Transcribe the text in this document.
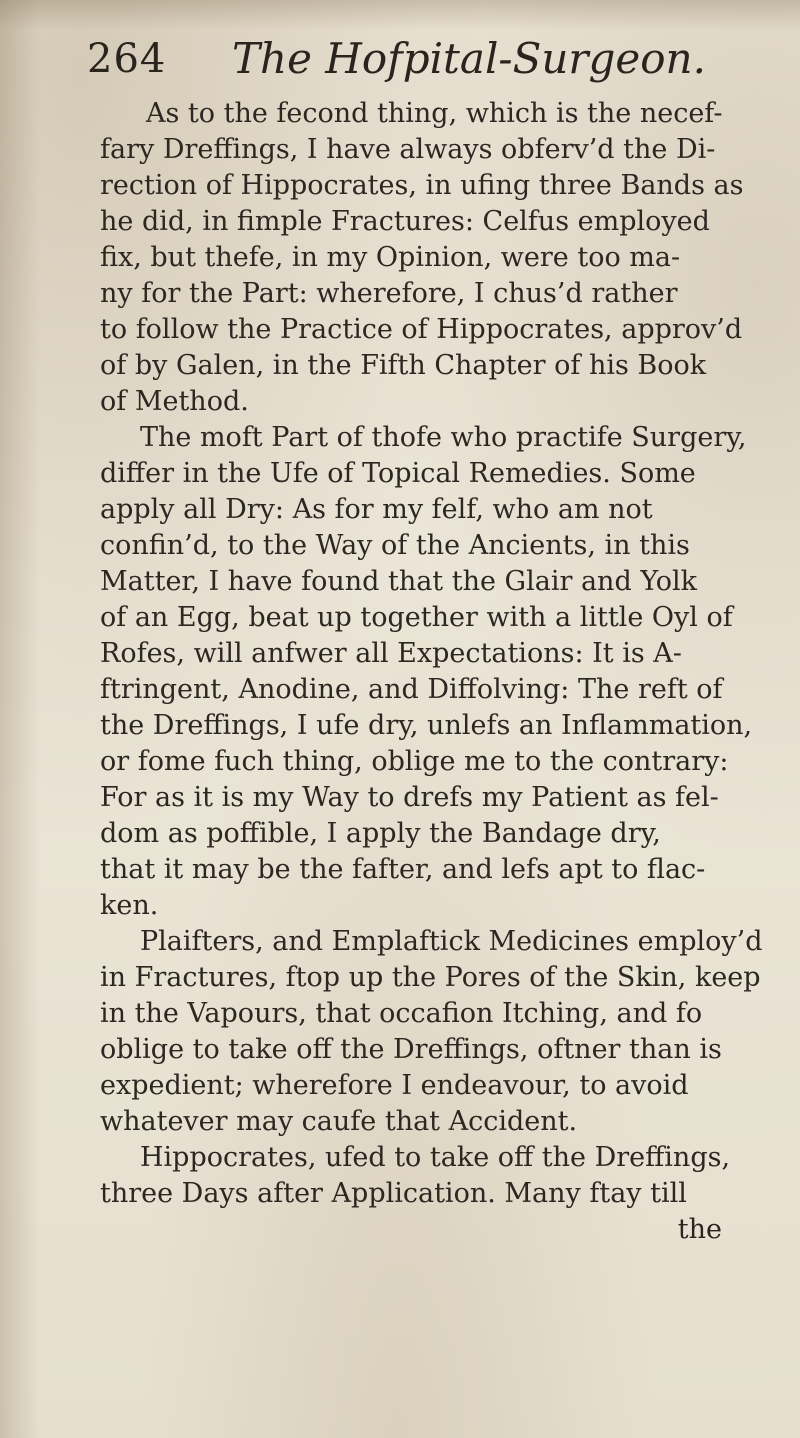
264 The Hofpital-Surgeon.
As to the fecond thing, which is the necef-
fary Dreffings, I have always obferv’d the Di-
rection of Hippocrates, in ufing three Bands as
he did, in fimple Fractures: Celfus employed
fix, but thefe, in my Opinion, were too ma-
ny for the Part: wherefore, I chus’d rather
to follow the Practice of Hippocrates, approv’d
of by Galen, in the Fifth Chapter of his Book
of Method.
The moft Part of thofe who practife Surgery,
differ in the Ufe of Topical Remedies. Some
apply all Dry: As for my felf, who am not
confin’d, to the Way of the Ancients, in this
Matter, I have found that the Glair and Yolk
of an Egg, beat up together with a little Oyl of
Rofes, will anfwer all Expectations: It is A-
ftringent, Anodine, and Diffolving: The reft of
the Dreffings, I ufe dry, unlefs an Inflammation,
or fome fuch thing, oblige me to the contrary:
For as it is my Way to drefs my Patient as fel-
dom as poffible, I apply the Bandage dry,
that it may be the fafter, and lefs apt to flac-
ken.
Plaifters, and Emplaftick Medicines employ’d
in Fractures, ftop up the Pores of the Skin, keep
in the Vapours, that occafion Itching, and fo
oblige to take off the Dreffings, oftner than is
expedient; wherefore I endeavour, to avoid
whatever may caufe that Accident.
Hippocrates, ufed to take off the Dreffings,
three Days after Application. Many ftay till
the
